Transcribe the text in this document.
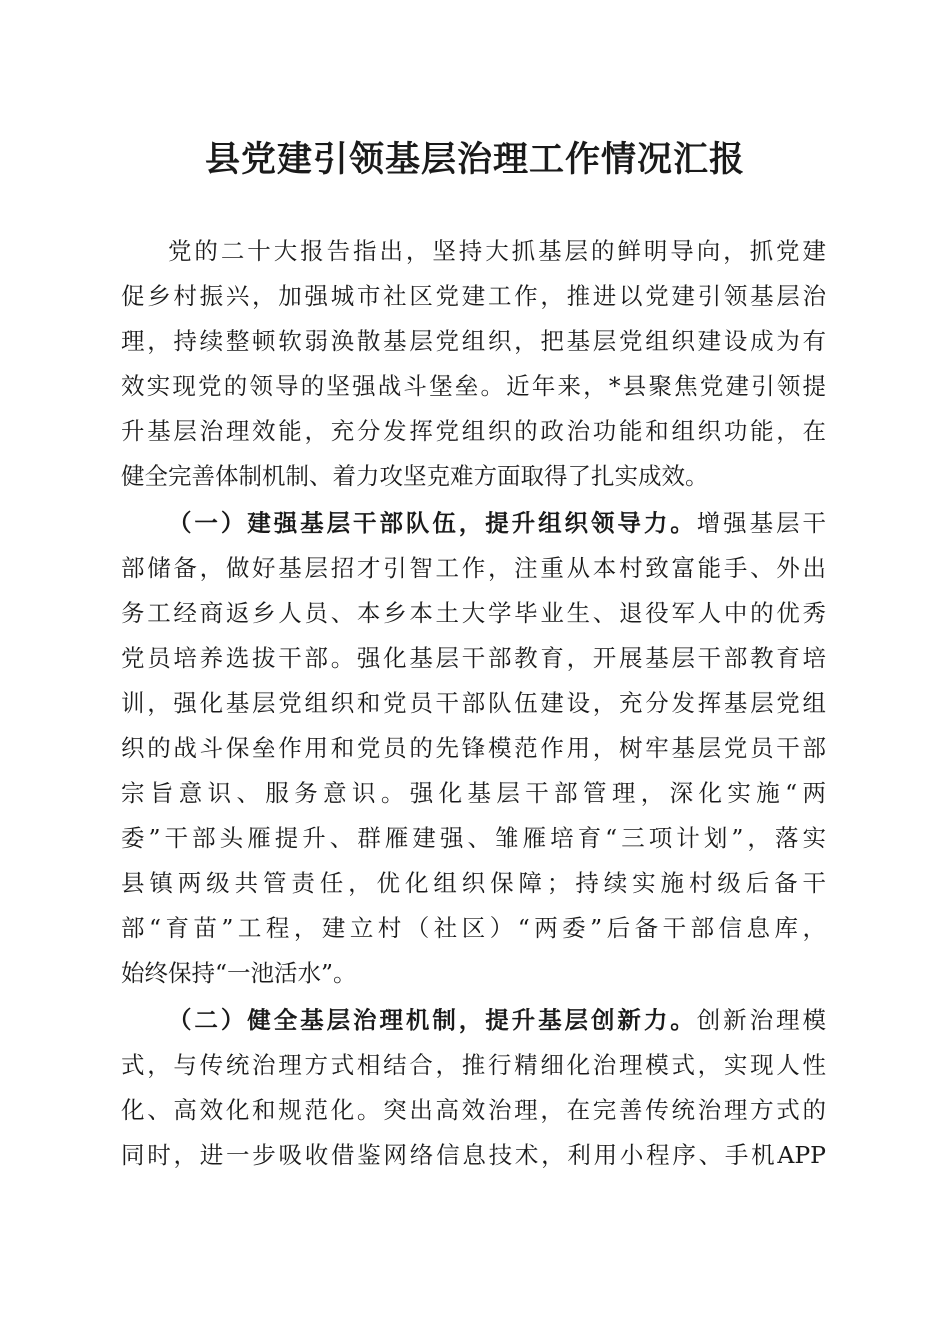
县党建引领基层治理工作情况汇报
党的二十大报告指出，坚持大抓基层的鲜明导向，抓党建
促乡村振兴，加强城市社区党建工作，推进以党建引领基层治
理，持续整顿软弱涣散基层党组织，把基层党组织建设成为有
效实现党的领导的坚强战斗堡垒。近年来，*县聚焦党建引领提
升基层治理效能，充分发挥党组织的政治功能和组织功能，在
健全完善体制机制、着力攻坚克难方面取得了扎实成效。
（一）建强基层干部队伍，提升组织领导力。增强基层干
部储备，做好基层招才引智工作，注重从本村致富能手、外出
务工经商返乡人员、本乡本土大学毕业生、退役军人中的优秀
党员培养选拔干部。强化基层干部教育，开展基层干部教育培
训，强化基层党组织和党员干部队伍建设，充分发挥基层党组
织的战斗保垒作用和党员的先锋模范作用，树牢基层党员干部
宗旨意识、服务意识。强化基层干部管理，深化实施“两
委”干部头雁提升、群雁建强、雏雁培育“三项计划”，落实
县镇两级共管责任，优化组织保障；持续实施村级后备干
部“育苗”工程，建立村（社区）“两委”后备干部信息库，
始终保持“一池活水”。
（二）健全基层治理机制，提升基层创新力。创新治理模
式，与传统治理方式相结合，推行精细化治理模式，实现人性
化、高效化和规范化。突出高效治理，在完善传统治理方式的
同时，进一步吸收借鉴网络信息技术，利用小程序、手机APP
